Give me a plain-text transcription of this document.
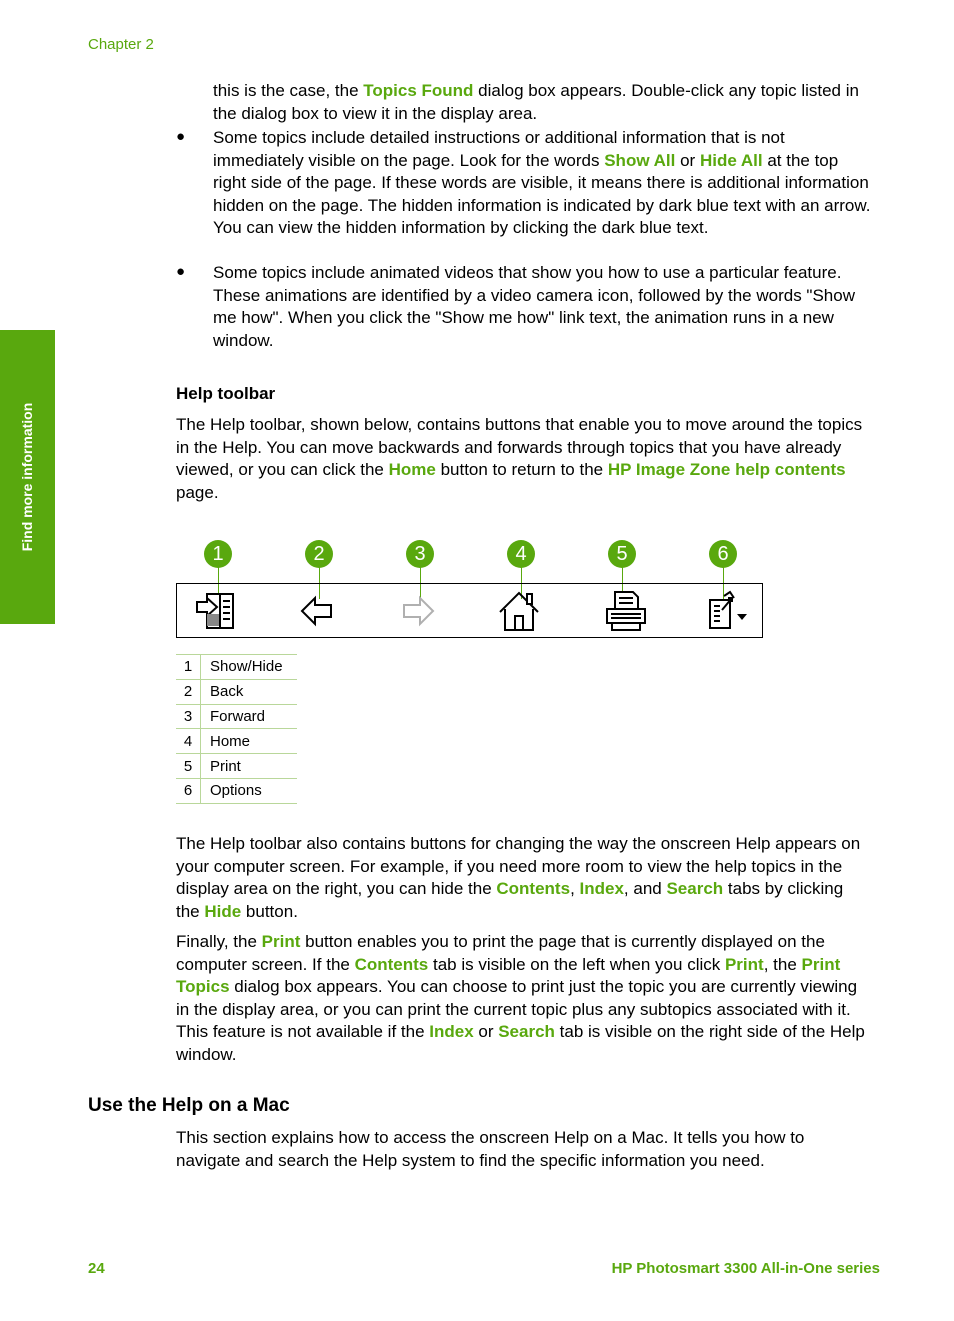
Chapter 2
Find more information
this is the case, the Topics Found dialog box appears. Double-click any topic listed in the dialog box to view it in the display area.
● Some topics include detailed instructions or additional information that is not immediately visible on the page. Look for the words Show All or Hide All at the top right side of the page. If these words are visible, it means there is additional information hidden on the page. The hidden information is indicated by dark blue text with an arrow. You can view the hidden information by clicking the dark blue text.
● Some topics include animated videos that show you how to use a particular feature. These animations are identified by a video camera icon, followed by the words "Show me how". When you click the "Show me how" link text, the animation runs in a new window.
Help toolbar
The Help toolbar, shown below, contains buttons that enable you to move around the topics in the Help. You can move backwards and forwards through topics that you have already viewed, or you can click the Home button to return to the HP Image Zone help contents page.
1	2	3	4	5	6
1	Show/Hide
2	Back
3	Forward
4	Home
5	Print
6	Options
The Help toolbar also contains buttons for changing the way the onscreen Help appears on your computer screen. For example, if you need more room to view the help topics in the display area on the right, you can hide the Contents, Index, and Search tabs by clicking the Hide button.
Finally, the Print button enables you to print the page that is currently displayed on the computer screen. If the Contents tab is visible on the left when you click Print, the Print Topics dialog box appears. You can choose to print just the topic you are currently viewing in the display area, or you can print the current topic plus any subtopics associated with it. This feature is not available if the Index or Search tab is visible on the right side of the Help window.
Use the Help on a Mac
This section explains how to access the onscreen Help on a Mac. It tells you how to navigate and search the Help system to find the specific information you need.
24	HP Photosmart 3300 All-in-One series
